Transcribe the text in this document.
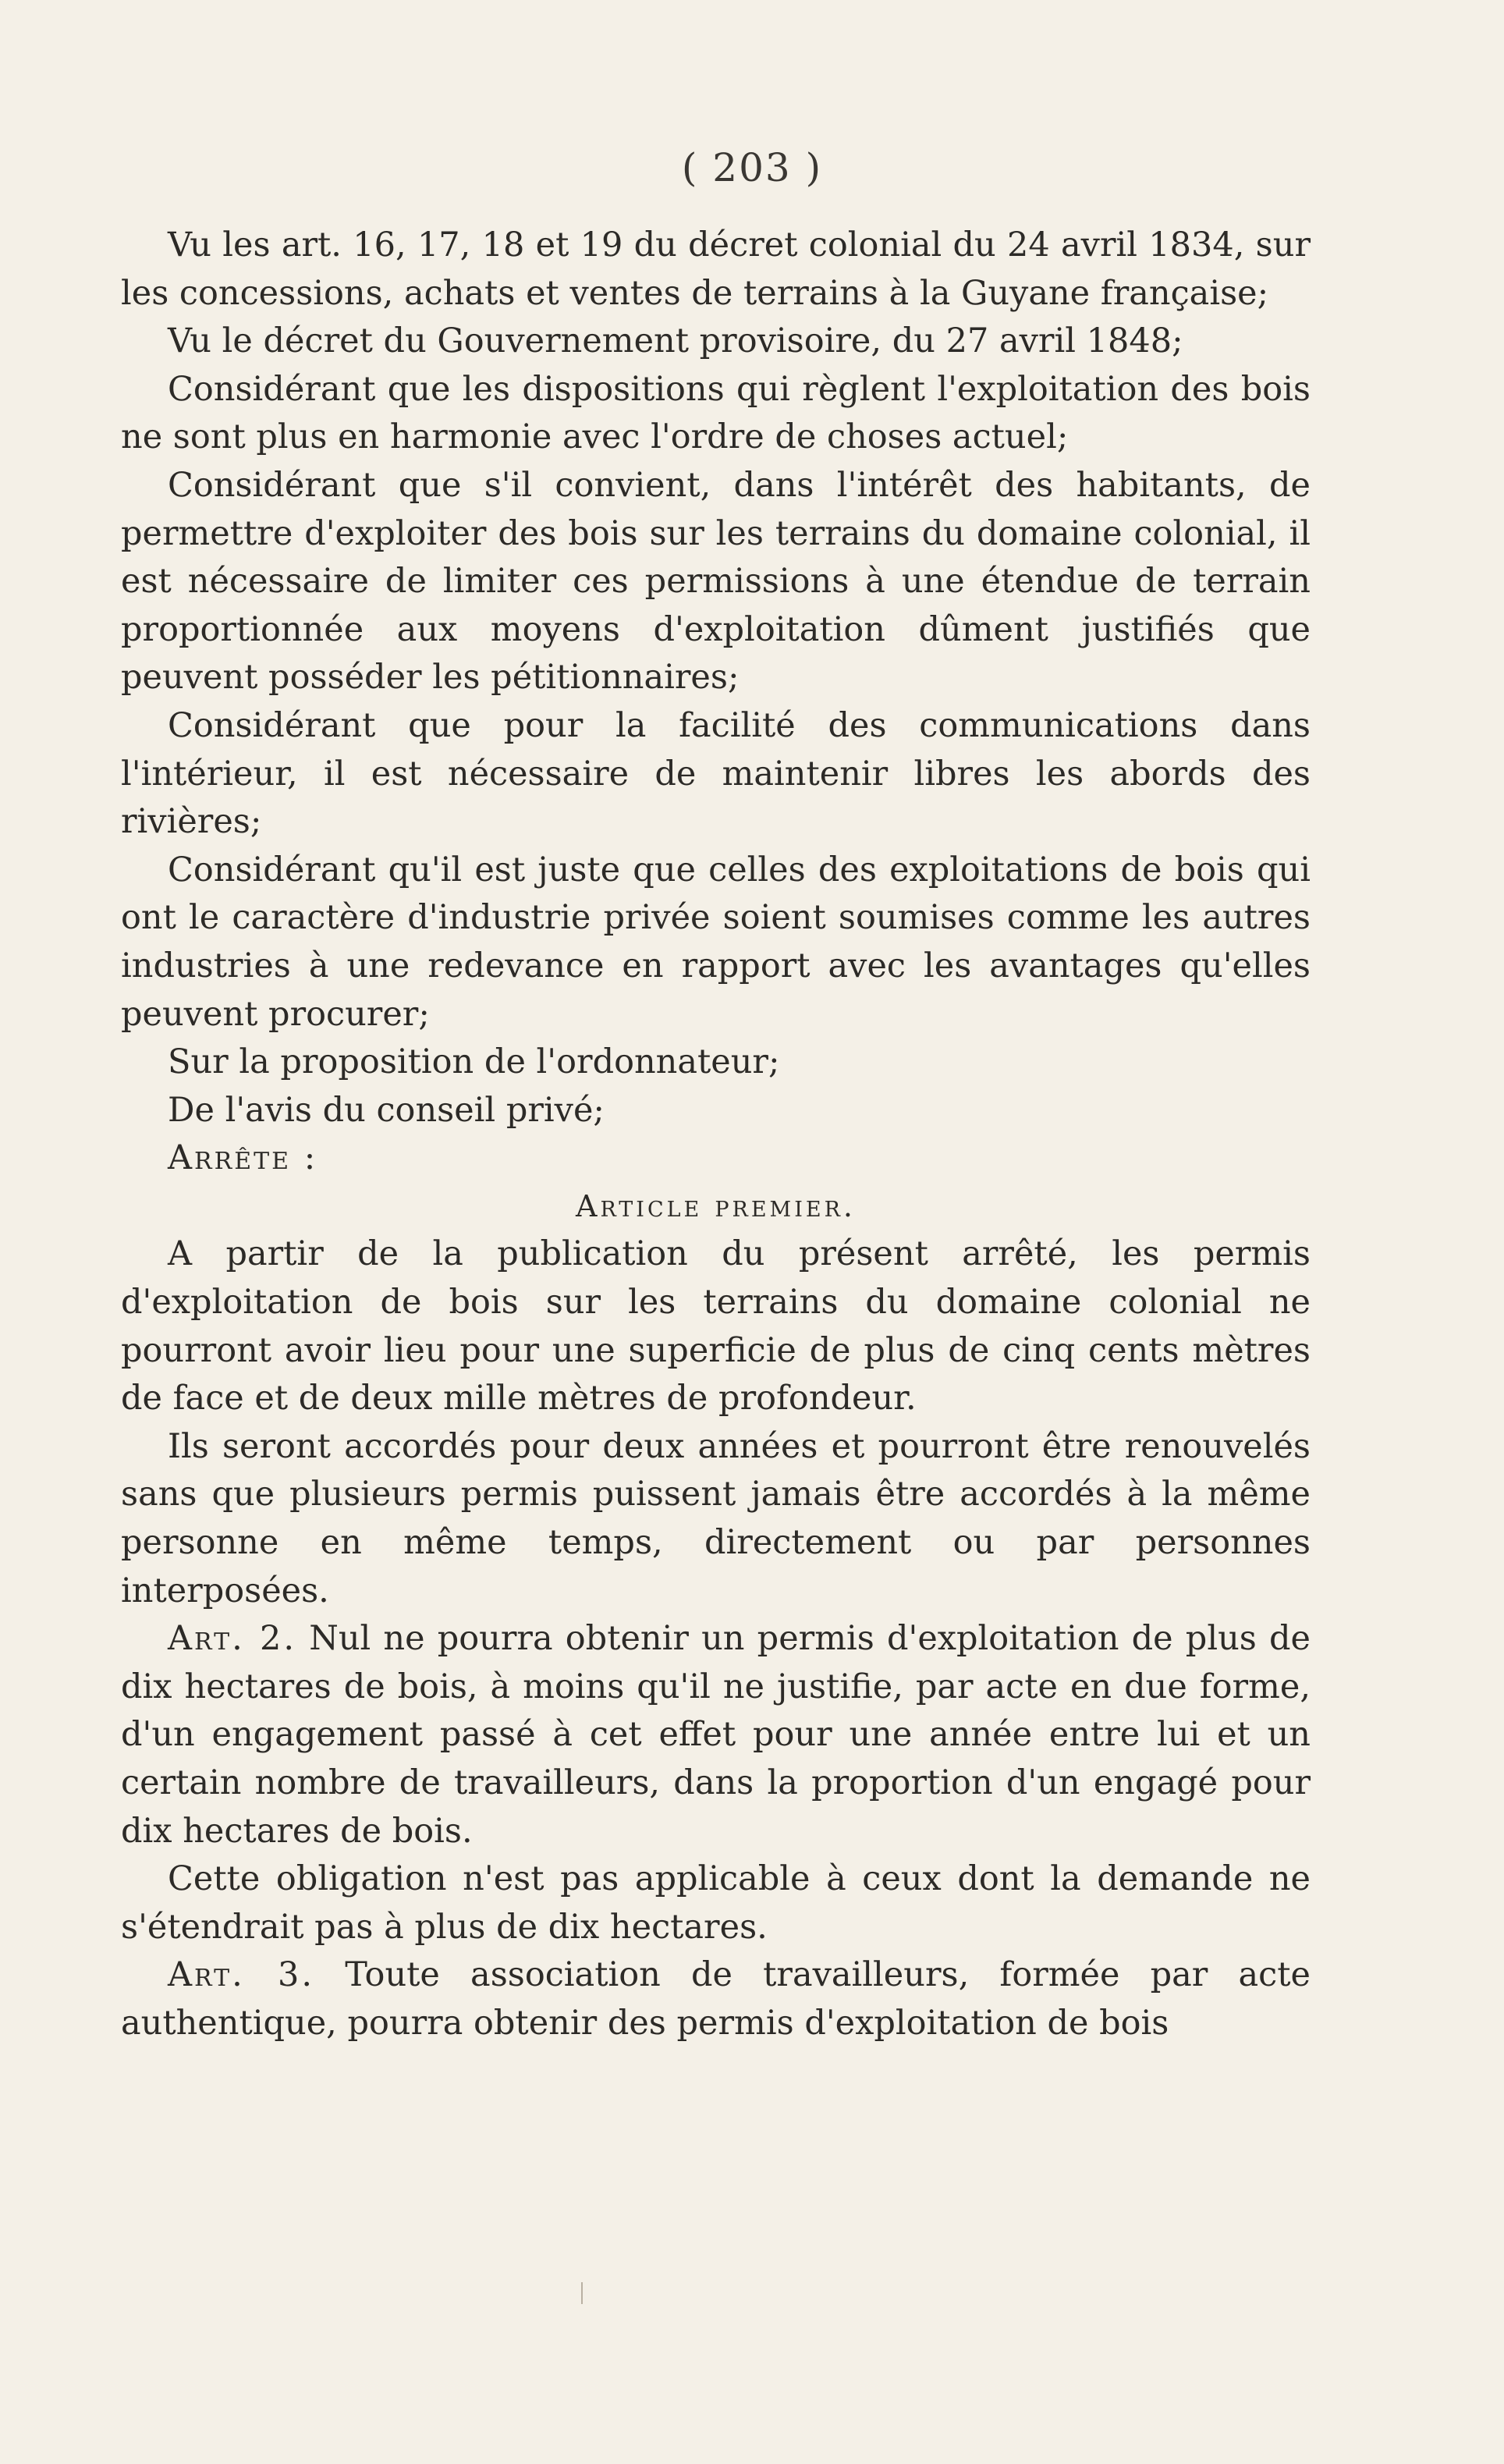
( 203 )

Vu les art. 16, 17, 18 et 19 du décret colonial du 24 avril 1834, sur les concessions, achats et ventes de terrains à la Guyane française;

Vu le décret du Gouvernement provisoire, du 27 avril 1848;

Considérant que les dispositions qui règlent l'exploitation des bois ne sont plus en harmonie avec l'ordre de choses actuel;

Considérant que s'il convient, dans l'intérêt des habitants, de permettre d'exploiter des bois sur les terrains du domaine colonial, il est nécessaire de limiter ces permissions à une étendue de terrain proportionnée aux moyens d'exploitation dûment justifiés que peuvent posséder les pétitionnaires;

Considérant que pour la facilité des communications dans l'intérieur, il est nécessaire de maintenir libres les abords des rivières;

Considérant qu'il est juste que celles des exploitations de bois qui ont le caractère d'industrie privée soient soumises comme les autres industries à une redevance en rapport avec les avantages qu'elles peuvent procurer;

Sur la proposition de l'ordonnateur;

De l'avis du conseil privé;

Arrête :

Article premier.

A partir de la publication du présent arrêté, les permis d'exploitation de bois sur les terrains du domaine colonial ne pourront avoir lieu pour une superficie de plus de cinq cents mètres de face et de deux mille mètres de profondeur.

Ils seront accordés pour deux années et pourront être renouvelés sans que plusieurs permis puissent jamais être accordés à la même personne en même temps, directement ou par personnes interposées.

Art. 2. Nul ne pourra obtenir un permis d'exploitation de plus de dix hectares de bois, à moins qu'il ne justifie, par acte en due forme, d'un engagement passé à cet effet pour une année entre lui et un certain nombre de travailleurs, dans la proportion d'un engagé pour dix hectares de bois.

Cette obligation n'est pas applicable à ceux dont la demande ne s'étendrait pas à plus de dix hectares.

Art. 3. Toute association de travailleurs, formée par acte authentique, pourra obtenir des permis d'exploitation de bois
